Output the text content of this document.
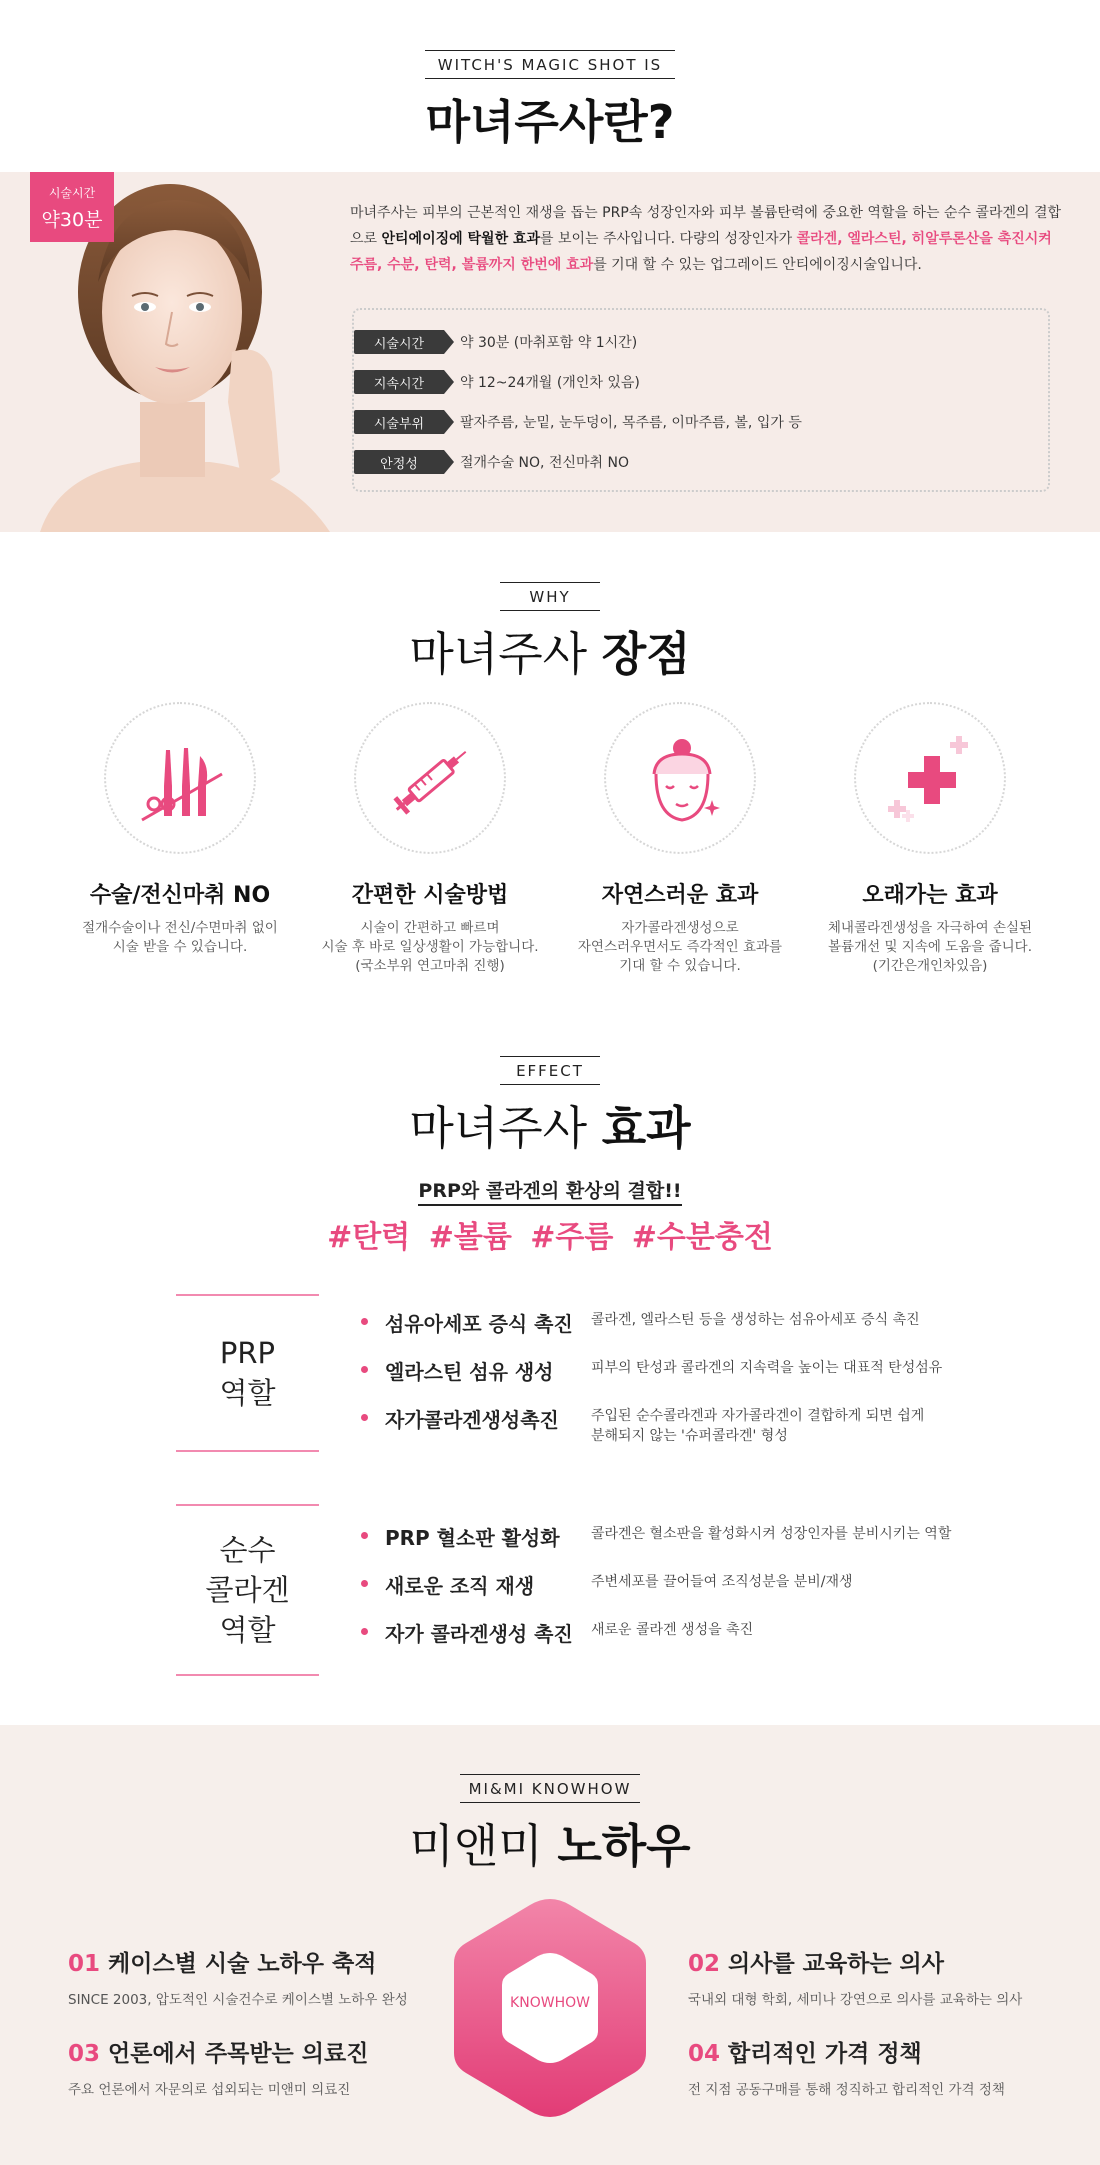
WITCH'S MAGIC SHOT IS
마녀주사란?
시술시간
약30분	마녀주사는 피부의 근본적인 재생을 돕는 PRP속 성장인자와 피부 볼륨탄력에 중요한 역할을 하는 순수 콜라겐의 결합으로 안티에이징에 탁월한 효과를 보이는 주사입니다. 다량의 성장인자가 콜라겐, 엘라스틴, 히알루론산을 촉진시켜 주름, 수분, 탄력, 볼륨까지 한번에 효과를 기대 할 수 있는 업그레이드 안티에이징시술입니다.

시술시간	약 30분 (마취포함 약 1시간)
지속시간	약 12~24개월 (개인차 있음)
시술부위	팔자주름, 눈밑, 눈두덩이, 목주름, 이마주름, 볼, 입가 등
안정성	절개수술 NO, 전신마취 NO
WHY
마녀주사 장점
수술/전신마취 NO
절개수술이나 전신/수면마취 없이
시술 받을 수 있습니다.
간편한 시술방법
시술이 간편하고 빠르며
시술 후 바로 일상생활이 가능합니다.
(국소부위 연고마취 진행)
자연스러운 효과
자가콜라겐생성으로
자연스러우면서도 즉각적인 효과를
기대 할 수 있습니다.
오래가는 효과
체내콜라겐생성을 자극하여 손실된
볼륨개선 및 지속에 도움을 줍니다.
(기간은개인차있음)
EFFECT
마녀주사 효과
PRP와 콜라겐의 환상의 결합!!
#탄력 #볼륨 #주름 #수분충전
PRP
역할
섬유아세포 증식 촉진	콜라겐, 엘라스틴 등을 생성하는 섬유아세포 증식 촉진
엘라스틴 섬유 생성	피부의 탄성과 콜라겐의 지속력을 높이는 대표적 탄성섬유
자가콜라겐생성촉진	주입된 순수콜라겐과 자가콜라겐이 결합하게 되면 쉽게
분해되지 않는 '슈퍼콜라겐' 형성
순수
콜라겐
역할
PRP 혈소판 활성화	콜라겐은 혈소판을 활성화시켜 성장인자를 분비시키는 역할
새로운 조직 재생	주변세포를 끌어들여 조직성분을 분비/재생
자가 콜라겐생성 촉진	새로운 콜라겐 생성을 촉진
MI&MI KNOWHOW
미앤미 노하우
KNOWHOW
01 케이스별 시술 노하우 축적
SINCE 2003, 압도적인 시술건수로 케이스별 노하우 완성
02 의사를 교육하는 의사
국내외 대형 학회, 세미나 강연으로 의사를 교육하는 의사
03 언론에서 주목받는 의료진
주요 언론에서 자문의로 섭외되는 미앤미 의료진
04 합리적인 가격 정책
전 지점 공동구매를 통해 정직하고 합리적인 가격 정책
